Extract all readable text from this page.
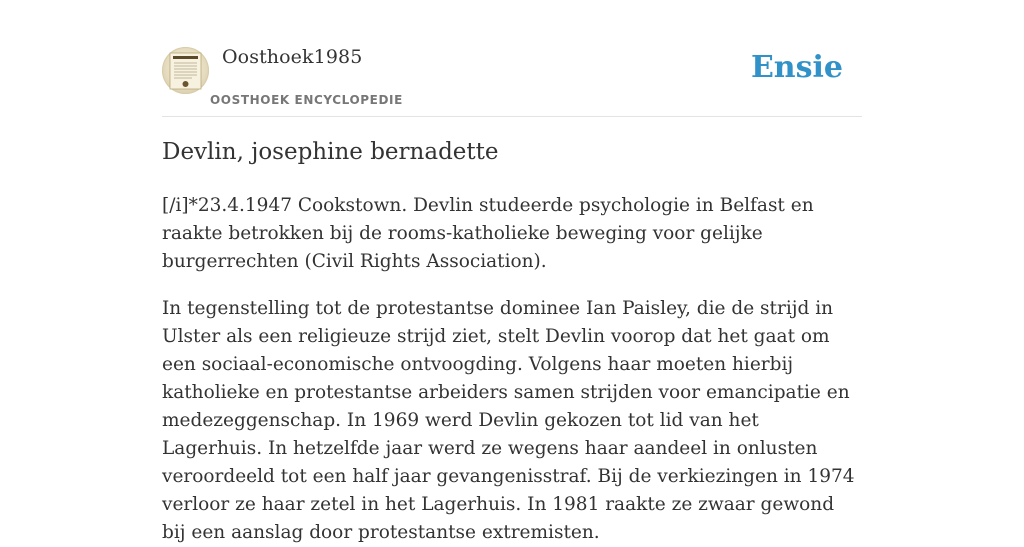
Oosthoek1985
OOSTHOEK ENCYCLOPEDIE
Ensie
Devlin, josephine bernadette

[/i]*23.4.1947 Cookstown. Devlin studeerde psychologie in Belfast en raakte betrokken bij de rooms-katholieke beweging voor gelijke burgerrechten (Civil Rights Association).

In tegenstelling tot de protestantse dominee Ian Paisley, die de strijd in Ulster als een religieuze strijd ziet, stelt Devlin voorop dat het gaat om een sociaal-economische ontvoogding. Volgens haar moeten hierbij katholieke en protestantse arbeiders samen strijden voor emancipatie en medezeggenschap. In 1969 werd Devlin gekozen tot lid van het Lagerhuis. In hetzelfde jaar werd ze wegens haar aandeel in onlusten veroordeeld tot een half jaar gevangenisstraf. Bij de verkiezingen in 1974 verloor ze haar zetel in het Lagerhuis. In 1981 raakte ze zwaar gewond bij een aanslag door protestantse extremisten.
